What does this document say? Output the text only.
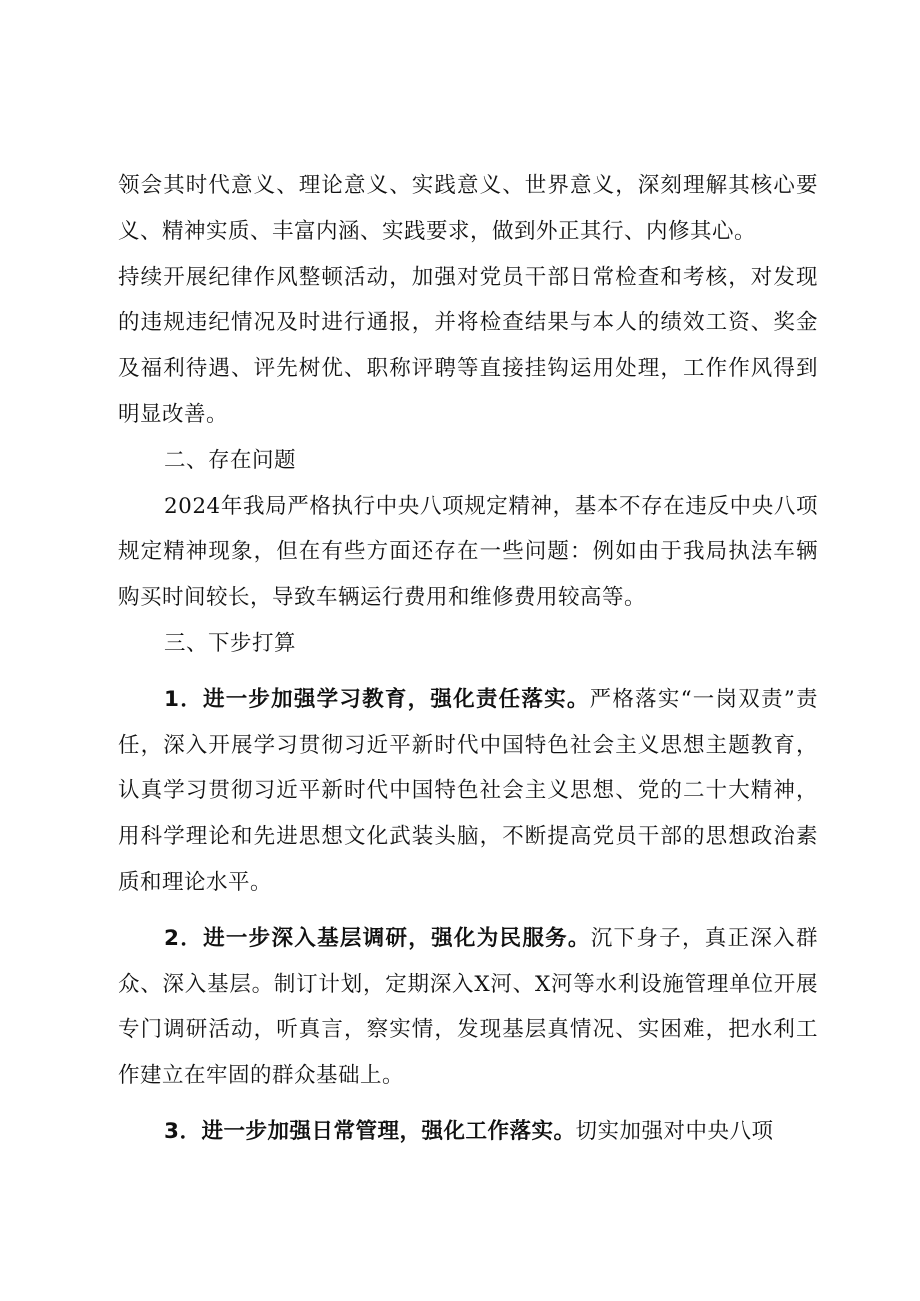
领会其时代意义、理论意义、实践意义、世界意义，深刻理解其核心要义、精神实质、丰富内涵、实践要求，做到外正其行、内修其心。

持续开展纪律作风整顿活动，加强对党员干部日常检查和考核，对发现的违规违纪情况及时进行通报，并将检查结果与本人的绩效工资、奖金及福利待遇、评先树优、职称评聘等直接挂钩运用处理，工作作风得到明显改善。

二、存在问题

2024年我局严格执行中央八项规定精神，基本不存在违反中央八项规定精神现象，但在有些方面还存在一些问题：例如由于我局执法车辆购买时间较长，导致车辆运行费用和维修费用较高等。

三、下步打算

1．进一步加强学习教育，强化责任落实。严格落实“一岗双责”责任，深入开展学习贯彻习近平新时代中国特色社会主义思想主题教育，认真学习贯彻习近平新时代中国特色社会主义思想、党的二十大精神，用科学理论和先进思想文化武装头脑，不断提高党员干部的思想政治素质和理论水平。

2．进一步深入基层调研，强化为民服务。沉下身子，真正深入群众、深入基层。制订计划，定期深入X河、X河等水利设施管理单位开展专门调研活动，听真言，察实情，发现基层真情况、实困难，把水利工作建立在牢固的群众基础上。

3．进一步加强日常管理，强化工作落实。切实加强对中央八项
